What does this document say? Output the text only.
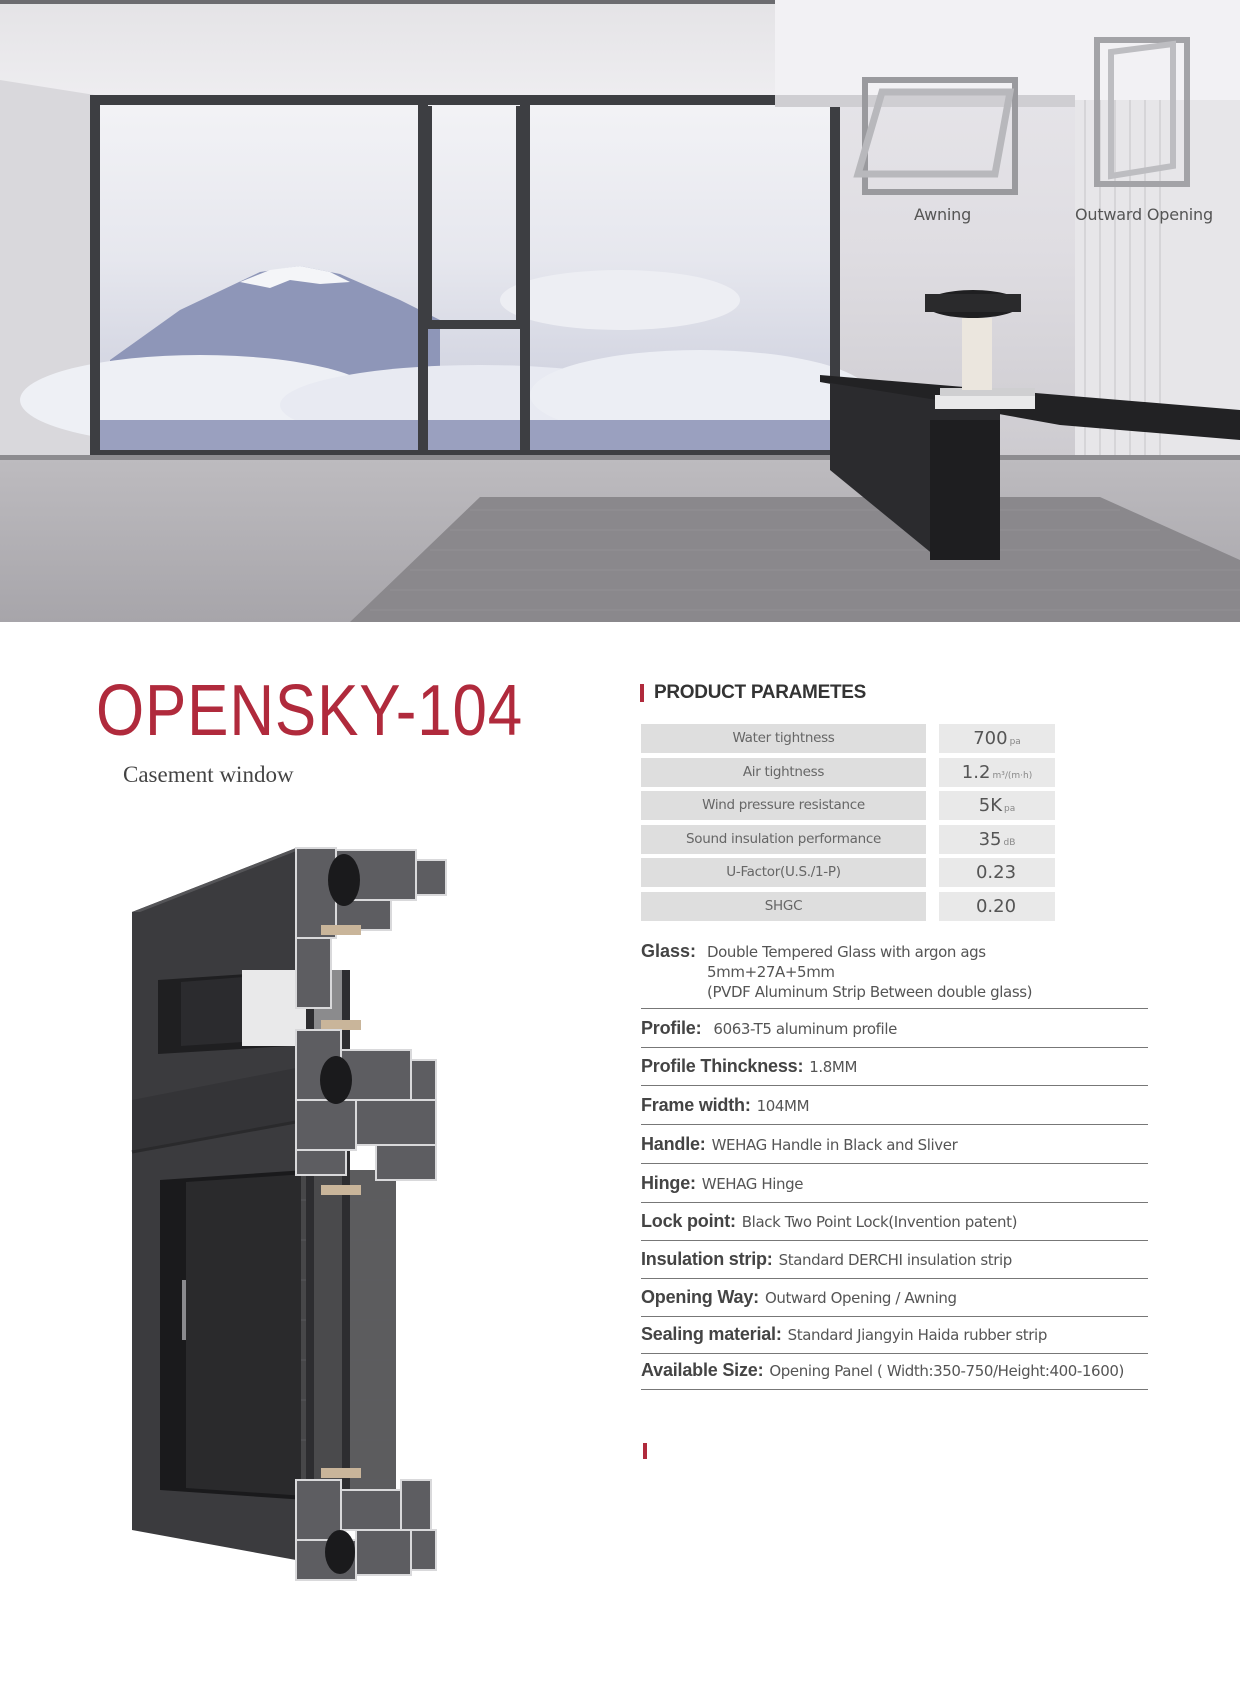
Awning	Outward Opening
OPENSKY-104
Casement window
PRODUCT PARAMETES
Water tightness	700 pa
Air tightness	1.2 m³/(m·h)
Wind pressure resistance	5K pa
Sound insulation performance	35 dB
U-Factor(U.S./1-P)	0.23
SHGC	0.20
Glass: Double Tempered Glass with argon ags
5mm+27A+5mm
(PVDF Aluminum Strip Between double glass)
Profile: 6063-T5 aluminum profile
Profile Thinckness: 1.8MM
Frame width: 104MM
Handle: WEHAG Handle in Black and Sliver
Hinge: WEHAG Hinge
Lock point: Black Two Point Lock(Invention patent)
Insulation strip: Standard DERCHI insulation strip
Opening Way: Outward Opening / Awning
Sealing material: Standard Jiangyin Haida rubber strip
Available Size: Opening Panel ( Width:350-750/Height:400-1600)
